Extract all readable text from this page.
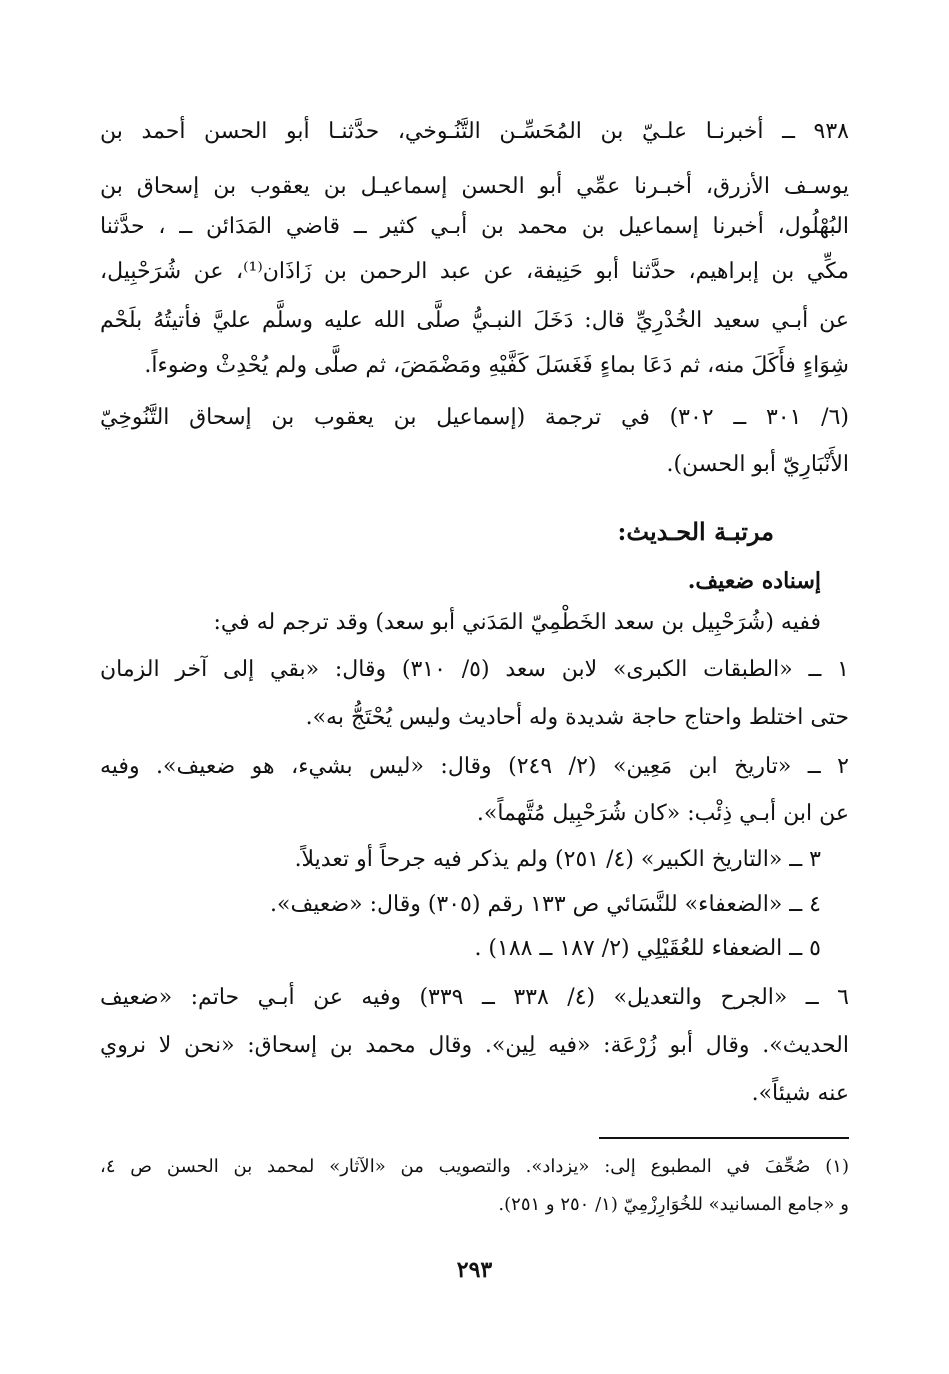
٩٣٨ ــ أخبرنـا علـيّ بن المُحَسِّـن التَّنُـوخي، حدَّثنـا أبو الحسن أحمد بن
يوسـف الأزرق، أخبـرنا عمِّي أبو الحسن إسماعيـل بن يعقوب بن إسحاق بن
البُهْلُول، أخبرنا إسماعيل بن محمد بن أبـي كثير ــ قاضي المَدَائن ــ ، حدَّثنا
مكِّي بن إبراهيم، حدَّثنا أبو حَنِيفة، عن عبد الرحمن بن زَاذَان⁽¹⁾، عن شُرَحْبِيل،
عن أبـي سعيد الخُدْرِيِّ قال: دَخَلَ النبـيُّ صلَّى الله عليه وسلَّم عليَّ فأتيتُهُ بلَحْم
شِوَاءٍ فأَكَلَ منه، ثم دَعَا بماءٍ فَغَسَلَ كَفَّيْهِ ومَضْمَضَ، ثم صلَّى ولم يُحْدِثْ وضوءاً.
(٦/ ٣٠١ ــ ٣٠٢) في ترجمة (إسماعيل بن يعقوب بن إسحاق التَّنُوخِيّ
الأَنْبَارِيّ أبو الحسن).
مرتبـة الحـديث:
إسناده ضعيف.
ففيه (شُرَحْبِيل بن سعد الخَطْمِيّ المَدَني أبو سعد) وقد ترجم له في:
١ ــ «الطبقات الكبرى» لابن سعد (٥/ ٣١٠) وقال: «بقي إلى آخر الزمان
حتى اختلط واحتاج حاجة شديدة وله أحاديث وليس يُحْتَجُّ به».
٢ ــ «تاريخ ابن مَعِين» (٢/ ٢٤٩) وقال: «ليس بشيء، هو ضعيف». وفيه
عن ابن أبـي ذِئْب: «كان شُرَحْبِيل مُتَّهماً».
٣ ــ «التاريخ الكبير» (٤/ ٢٥١) ولم يذكر فيه جرحاً أو تعديلاً.
٤ ــ «الضعفاء» للنَّسَائي ص ١٣٣ رقم (٣٠٥) وقال: «ضعيف».
٥ ــ الضعفاء للعُقَيْلِي (٢/ ١٨٧ ــ ١٨٨) .
٦ ــ «الجرح والتعديل» (٤/ ٣٣٨ ــ ٣٣٩) وفيه عن أبـي حاتم: «ضعيف
الحديث». وقال أبو زُرْعَة: «فيه لِين». وقال محمد بن إسحاق: «نحن لا نروي
عنه شيئاً».
(١) صُحِّفَ في المطبوع إلى: «يزداد». والتصويب من «الآثار» لمحمد بن الحسن ص ٤،
و «جامع المسانيد» للخُوَارِزْمِيّ (١/ ٢٥٠ و ٢٥١).
٢٩٣
